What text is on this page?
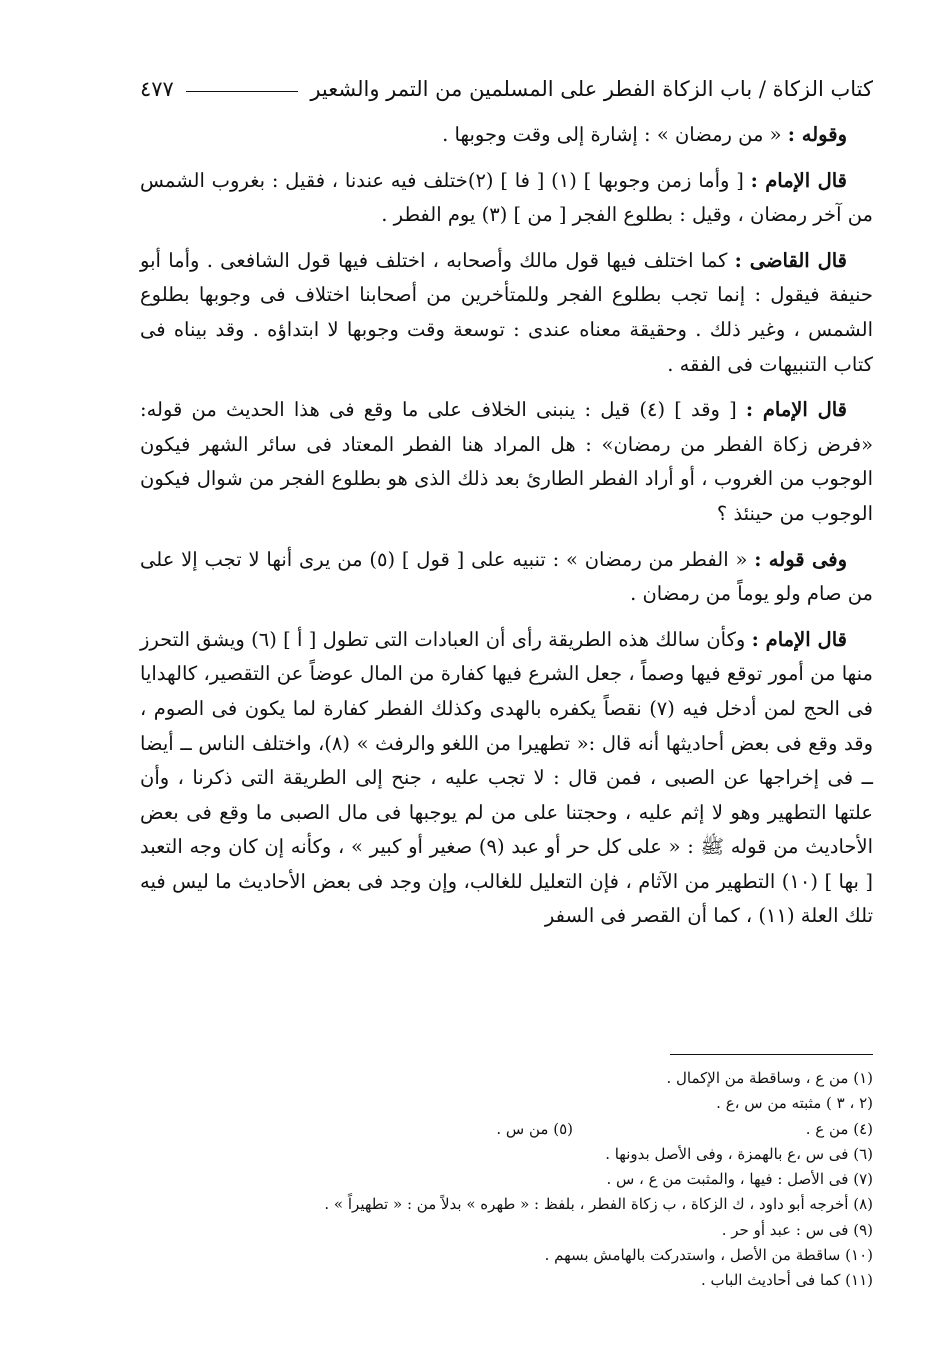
كتاب الزكاة / باب الزكاة الفطر على المسلمين من التمر والشعير
٤٧٧

وقوله : « من رمضان » : إشارة إلى وقت وجوبها .

قال الإمام : [ وأما زمن وجوبها ] (١) [ فا ] (٢)ختلف فيه عندنا ، فقيل : بغروب الشمس من آخر رمضان ، وقيل : بطلوع الفجر [ من ] (٣) يوم الفطر .

قال القاضى : كما اختلف فيها قول مالك وأصحابه ، اختلف فيها قول الشافعى . وأما أبو حنيفة فيقول : إنما تجب بطلوع الفجر وللمتأخرين من أصحابنا اختلاف فى وجوبها بطلوع الشمس ، وغير ذلك . وحقيقة معناه عندى : توسعة وقت وجوبها لا ابتداؤه . وقد بيناه فى كتاب التنبيهات فى الفقه .

قال الإمام : [ وقد ] (٤) قيل : ينبنى الخلاف على ما وقع فى هذا الحديث من قوله: «فرض زكاة الفطر من رمضان» : هل المراد هنا الفطر المعتاد فى سائر الشهر فيكون الوجوب من الغروب ، أو أراد الفطر الطارئ بعد ذلك الذى هو بطلوع الفجر من شوال فيكون الوجوب من حينئذ ؟

وفى قوله : « الفطر من رمضان » : تنبيه على [ قول ] (٥) من يرى أنها لا تجب إلا على من صام ولو يوماً من رمضان .

قال الإمام : وكأن سالك هذه الطريقة رأى أن العبادات التى تطول [ أ ] (٦) ويشق التحرز منها من أمور توقع فيها وصماً ، جعل الشرع فيها كفارة من المال عوضاً عن التقصير، كالهدايا فى الحج لمن أدخل فيه (٧) نقصاً يكفره بالهدى وكذلك الفطر كفارة لما يكون فى الصوم ، وقد وقع فى بعض أحاديثها أنه قال :« تطهيرا من اللغو والرفث » (٨)، واختلف الناس ــ أيضا ــ فى إخراجها عن الصبى ، فمن قال : لا تجب عليه ، جنح إلى الطريقة التى ذكرنا ، وأن علتها التطهير وهو لا إثم عليه ، وحجتنا على من لم يوجبها فى مال الصبى ما وقع فى بعض الأحاديث من قوله ﷺ : « على كل حر أو عبد (٩) صغير أو كبير » ، وكأنه إن كان وجه التعبد [ بها ] (١٠) التطهير من الآثام ، فإن التعليل للغالب، وإن وجد فى بعض الأحاديث ما ليس فيه تلك العلة (١١) ، كما أن القصر فى السفر

(١) من ع ، وساقطة من الإكمال .
(٢ ، ٣ ) مثبته من س ،ع .
(٤) من ع .
(٥) من س .
(٦) فى س ،ع بالهمزة ، وفى الأصل بدونها .
(٧) فى الأصل : فيها ، والمثبت من ع ، س .
(٨) أخرجه أبو داود ، ك الزكاة ، ب زكاة الفطر ، بلفظ : « طهره » بدلاً من : « تطهيراً » .
(٩) فى س : عبد أو حر .
(١٠) ساقطة من الأصل ، واستدركت بالهامش بسهم .
(١١) كما فى أحاديث الباب .
